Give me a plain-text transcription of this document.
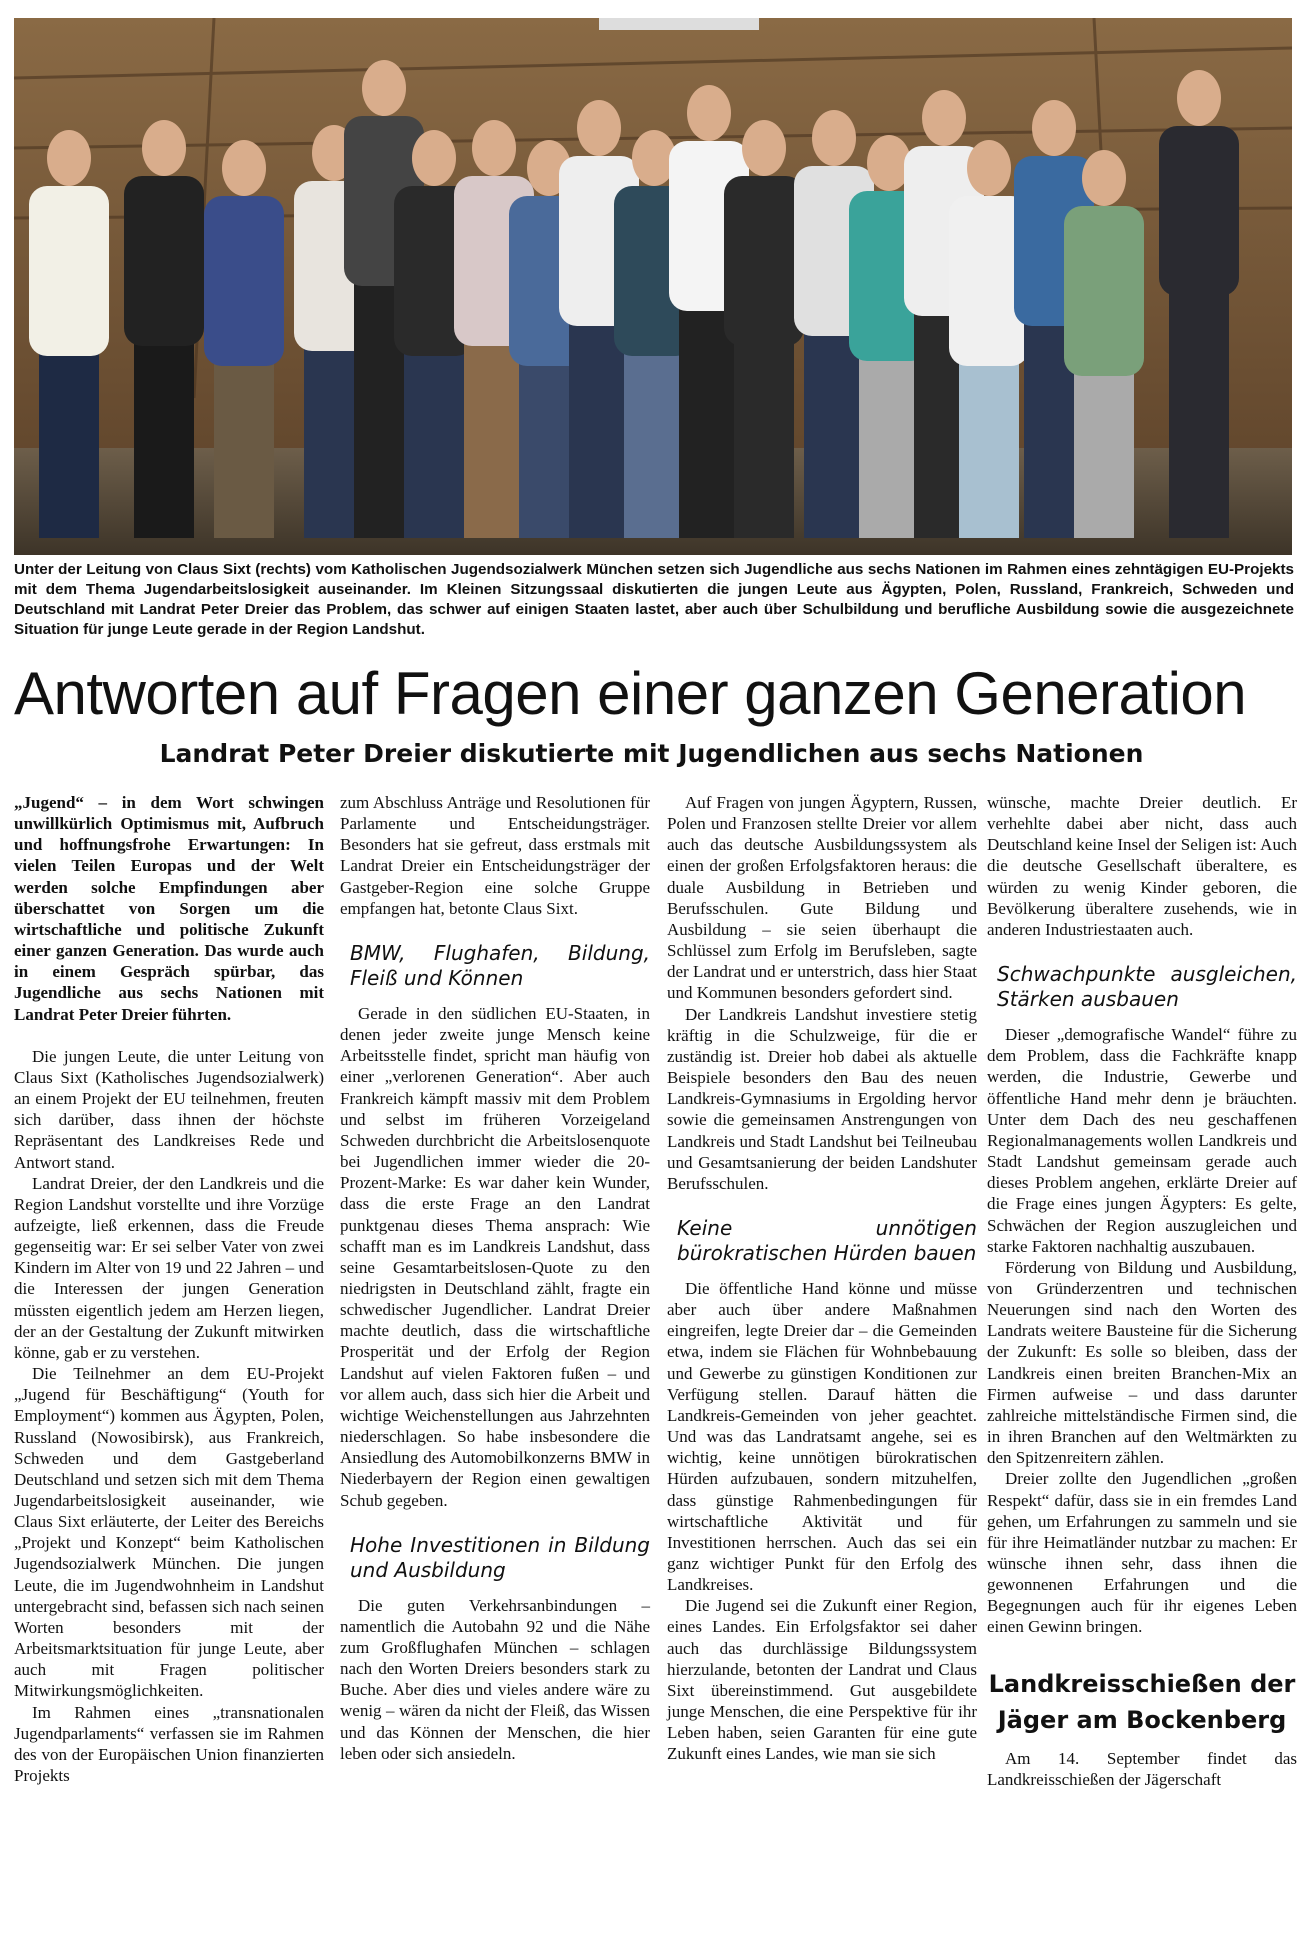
Unter der Leitung von Claus Sixt (rechts) vom Katholischen Jugendsozialwerk München setzen sich Jugendliche aus sechs Nationen im Rahmen eines zehntägigen EU-Projekts mit dem Thema Jugendarbeitslosigkeit auseinander. Im Kleinen Sitzungssaal diskutierten die jungen Leute aus Ägypten, Polen, Russland, Frankreich, Schweden und Deutschland mit Landrat Peter Dreier das Problem, das schwer auf einigen Staaten lastet, aber auch über Schulbildung und berufliche Ausbildung sowie die ausgezeichnete Situation für junge Leute gerade in der Region Landshut.
Antworten auf Fragen einer ganzen Generation
Landrat Peter Dreier diskutierte mit Jugendlichen aus sechs Nationen

„Jugend“ – in dem Wort schwingen unwillkürlich Optimismus mit, Aufbruch und hoffnungsfrohe Erwartungen: In vielen Teilen Europas und der Welt werden solche Empfindungen aber überschattet von Sorgen um die wirtschaftliche und politische Zukunft einer ganzen Generation. Das wurde auch in einem Gespräch spürbar, das Jugendliche aus sechs Nationen mit Landrat Peter Dreier führten.

Die jungen Leute, die unter Leitung von Claus Sixt (Katholisches Jugendsozialwerk) an einem Projekt der EU teilnehmen, freuten sich darüber, dass ihnen der höchste Repräsentant des Landkreises Rede und Antwort stand.

Landrat Dreier, der den Landkreis und die Region Landshut vorstellte und ihre Vorzüge aufzeigte, ließ erkennen, dass die Freude gegenseitig war: Er sei selber Vater von zwei Kindern im Alter von 19 und 22 Jahren – und die Interessen der jungen Generation müssten eigentlich jedem am Herzen liegen, der an der Gestaltung der Zukunft mitwirken könne, gab er zu verstehen.

Die Teilnehmer an dem EU-Projekt „Jugend für Beschäftigung“ (Youth for Employment“) kommen aus Ägypten, Polen, Russland (Nowosibirsk), aus Frankreich, Schweden und dem Gastgeberland Deutschland und setzen sich mit dem Thema Jugendarbeitslosigkeit auseinander, wie Claus Sixt erläuterte, der Leiter des Bereichs „Projekt und Konzept“ beim Katholischen Jugendsozialwerk München. Die jungen Leute, die im Jugendwohnheim in Landshut untergebracht sind, befassen sich nach seinen Worten besonders mit der Arbeitsmarktsituation für junge Leute, aber auch mit Fragen politischer Mitwirkungsmöglichkeiten.

Im Rahmen eines „transnationalen Jugendparlaments“ verfassen sie im Rahmen des von der Europäischen Union finanzierten Projekts

zum Abschluss Anträge und Resolutionen für Parlamente und Entscheidungsträger. Besonders hat sie gefreut, dass erstmals mit Landrat Dreier ein Entscheidungsträger der Gastgeber-Region eine solche Gruppe empfangen hat, betonte Claus Sixt.

BMW, Flughafen, Bildung, Fleiß und Können

Gerade in den südlichen EU-Staaten, in denen jeder zweite junge Mensch keine Arbeitsstelle findet, spricht man häufig von einer „verlorenen Generation“. Aber auch Frankreich kämpft massiv mit dem Problem und selbst im früheren Vorzeigeland Schweden durchbricht die Arbeitslosenquote bei Jugendlichen immer wieder die 20-Prozent-Marke: Es war daher kein Wunder, dass die erste Frage an den Landrat punktgenau dieses Thema ansprach: Wie schafft man es im Landkreis Landshut, dass seine Gesamtarbeitslosen-Quote zu den niedrigsten in Deutschland zählt, fragte ein schwedischer Jugendlicher. Landrat Dreier machte deutlich, dass die wirtschaftliche Prosperität und der Erfolg der Region Landshut auf vielen Faktoren fußen – und vor allem auch, dass sich hier die Arbeit und wichtige Weichenstellungen aus Jahrzehnten niederschlagen. So habe insbesondere die Ansiedlung des Automobilkonzerns BMW in Niederbayern der Region einen gewaltigen Schub gegeben.

Hohe Investitionen in Bildung und Ausbildung

Die guten Verkehrsanbindungen – namentlich die Autobahn 92 und die Nähe zum Großflughafen München – schlagen nach den Worten Dreiers besonders stark zu Buche. Aber dies und vieles andere wäre zu wenig – wären da nicht der Fleiß, das Wissen und das Können der Menschen, die hier leben oder sich ansiedeln.

Auf Fragen von jungen Ägyptern, Russen, Polen und Franzosen stellte Dreier vor allem auch das deutsche Ausbildungssystem als einen der großen Erfolgsfaktoren heraus: die duale Ausbildung in Betrieben und Berufsschulen. Gute Bildung und Ausbildung – sie seien überhaupt die Schlüssel zum Erfolg im Berufsleben, sagte der Landrat und er unterstrich, dass hier Staat und Kommunen besonders gefordert sind.

Der Landkreis Landshut investiere stetig kräftig in die Schulzweige, für die er zuständig ist. Dreier hob dabei als aktuelle Beispiele besonders den Bau des neuen Landkreis-Gymnasiums in Ergolding hervor sowie die gemeinsamen Anstrengungen von Landkreis und Stadt Landshut bei Teilneubau und Gesamtsanierung der beiden Landshuter Berufsschulen.

Keine unnötigen bürokratischen Hürden bauen

Die öffentliche Hand könne und müsse aber auch über andere Maßnahmen eingreifen, legte Dreier dar – die Gemeinden etwa, indem sie Flächen für Wohnbebauung und Gewerbe zu günstigen Konditionen zur Verfügung stellen. Darauf hätten die Landkreis-Gemeinden von jeher geachtet. Und was das Landratsamt angehe, sei es wichtig, keine unnötigen bürokratischen Hürden aufzubauen, sondern mitzuhelfen, dass günstige Rahmenbedingungen für wirtschaftliche Aktivität und für Investitionen herrschen. Auch das sei ein ganz wichtiger Punkt für den Erfolg des Landkreises.

Die Jugend sei die Zukunft einer Region, eines Landes. Ein Erfolgsfaktor sei daher auch das durchlässige Bildungssystem hierzulande, betonten der Landrat und Claus Sixt übereinstimmend. Gut ausgebildete junge Menschen, die eine Perspektive für ihr Leben haben, seien Garanten für eine gute Zukunft eines Landes, wie man sie sich

wünsche, machte Dreier deutlich. Er verhehlte dabei aber nicht, dass auch Deutschland keine Insel der Seligen ist: Auch die deutsche Gesellschaft überaltere, es würden zu wenig Kinder geboren, die Bevölkerung überaltere zusehends, wie in anderen Industriestaaten auch.

Schwachpunkte ausgleichen, Stärken ausbauen

Dieser „demografische Wandel“ führe zu dem Problem, dass die Fachkräfte knapp werden, die Industrie, Gewerbe und öffentliche Hand mehr denn je bräuchten. Unter dem Dach des neu geschaffenen Regionalmanagements wollen Landkreis und Stadt Landshut gemeinsam gerade auch dieses Problem angehen, erklärte Dreier auf die Frage eines jungen Ägypters: Es gelte, Schwächen der Region auszugleichen und starke Faktoren nachhaltig auszubauen.

Förderung von Bildung und Ausbildung, von Gründerzentren und technischen Neuerungen sind nach den Worten des Landrats weitere Bausteine für die Sicherung der Zukunft: Es solle so bleiben, dass der Landkreis einen breiten Branchen-Mix an Firmen aufweise – und dass darunter zahlreiche mittelständische Firmen sind, die in ihren Branchen auf den Weltmärkten zu den Spitzenreitern zählen.

Dreier zollte den Jugendlichen „großen Respekt“ dafür, dass sie in ein fremdes Land gehen, um Erfahrungen zu sammeln und sie für ihre Heimatländer nutzbar zu machen: Er wünsche ihnen sehr, dass ihnen die gewonnenen Erfahrungen und die Begegnungen auch für ihr eigenes Leben einen Gewinn bringen.

Landkreisschießen der Jäger am Bockenberg

Am 14. September findet das Landkreisschießen der Jägerschaft
